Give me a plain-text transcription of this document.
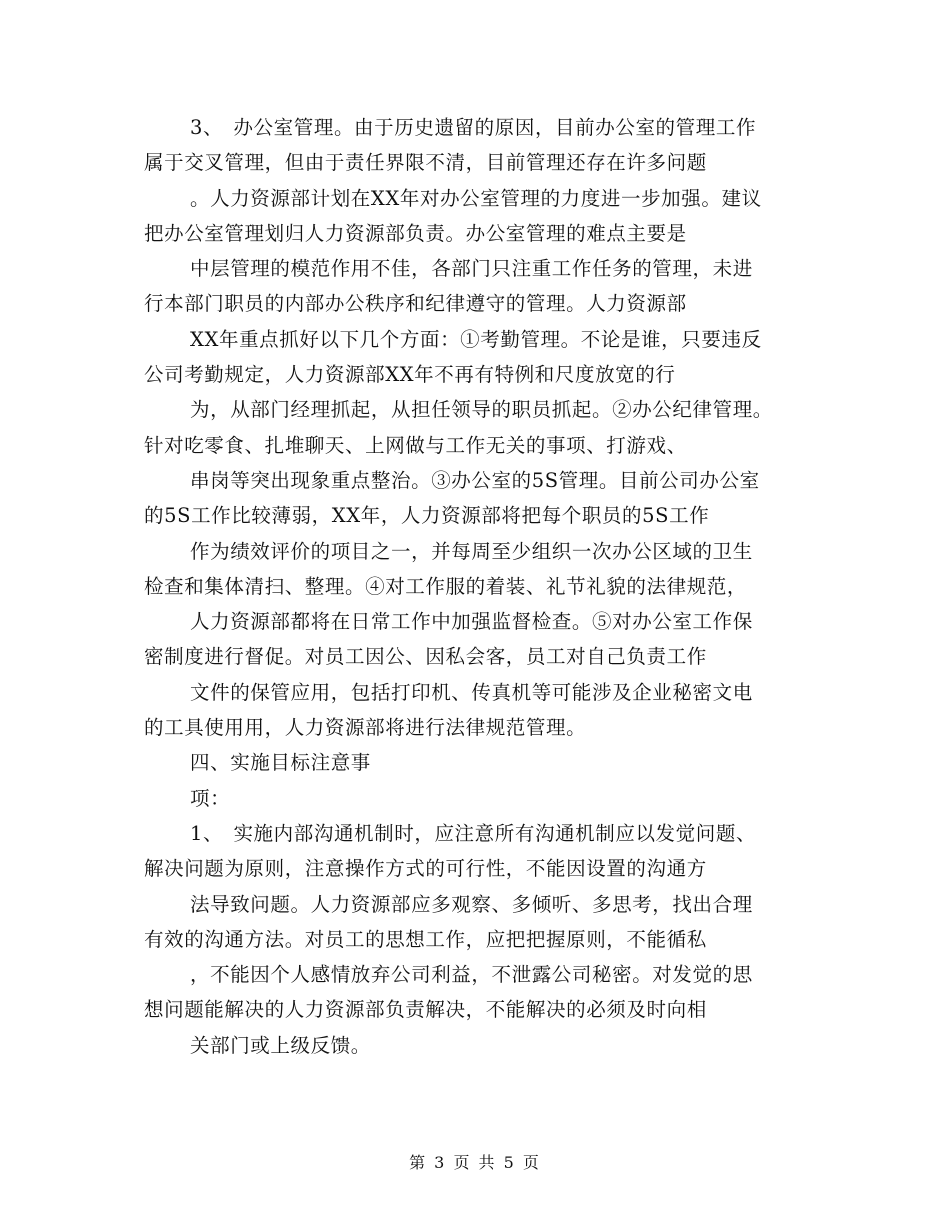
3、　办公室管理。由于历史遗留的原因，目前办公室的管理工作
属于交叉管理，但由于责任界限不清，目前管理还存在许多问题
。人力资源部计划在XX年对办公室管理的力度进一步加强。建议
把办公室管理划归人力资源部负责。办公室管理的难点主要是
中层管理的模范作用不佳，各部门只注重工作任务的管理，未进
行本部门职员的内部办公秩序和纪律遵守的管理。人力资源部
XX年重点抓好以下几个方面：①考勤管理。不论是谁，只要违反
公司考勤规定，人力资源部XX年不再有特例和尺度放宽的行
为，从部门经理抓起，从担任领导的职员抓起。②办公纪律管理。
针对吃零食、扎堆聊天、上网做与工作无关的事项、打游戏、
串岗等突出现象重点整治。③办公室的5S管理。目前公司办公室
的5S工作比较薄弱，XX年，人力资源部将把每个职员的5S工作
作为绩效评价的项目之一，并每周至少组织一次办公区域的卫生
检查和集体清扫、整理。④对工作服的着装、礼节礼貌的法律规范，
人力资源部都将在日常工作中加强监督检查。⑤对办公室工作保
密制度进行督促。对员工因公、因私会客，员工对自己负责工作
文件的保管应用，包括打印机、传真机等可能涉及企业秘密文电
的工具使用用，人力资源部将进行法律规范管理。
四、实施目标注意事
项：
1、　实施内部沟通机制时，应注意所有沟通机制应以发觉问题、
解决问题为原则，注意操作方式的可行性，不能因设置的沟通方
法导致问题。人力资源部应多观察、多倾听、多思考，找出合理
有效的沟通方法。对员工的思想工作，应把把握原则，不能循私
，不能因个人感情放弃公司利益，不泄露公司秘密。对发觉的思
想问题能解决的人力资源部负责解决，不能解决的必须及时向相
关部门或上级反馈。
第 3 页 共 5 页
